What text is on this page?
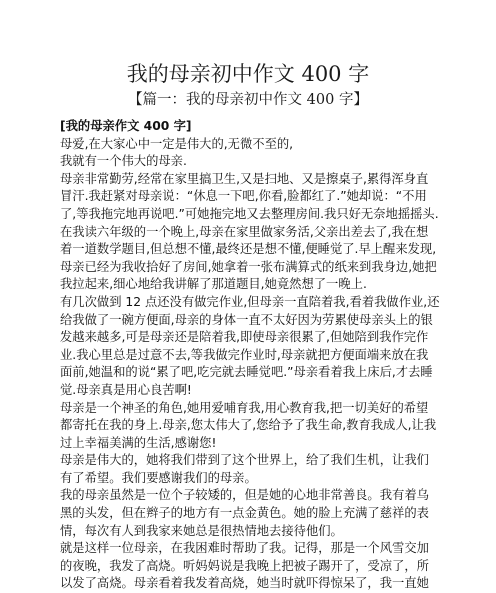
我的母亲初中作文 400 字
【篇一：我的母亲初中作文 400 字】

[我的母亲作文 400 字]

母爱,在大家心中一定是伟大的,无微不至的,

我就有一个伟大的母亲.

母亲非常勤劳,经常在家里搞卫生,又是扫地、又是擦桌子,累得浑身直冒汗.我赶紧对母亲说：“休息一下吧,你看,脸都红了.”她却说：“不用了,等我拖完地再说吧.”可她拖完地又去整理房间.我只好无奈地摇摇头.

在我读六年级的一个晚上,母亲在家里做家务活,父亲出差去了,我在想着一道数学题目,但总想不懂,最终还是想不懂,便睡觉了.早上醒来发现,母亲已经为我收拾好了房间,她拿着一张布满算式的纸来到我身边,她把我拉起来,细心地给我讲解了那道题目,她竟然想了一晚上.

有几次做到 12 点还没有做完作业,但母亲一直陪着我,看着我做作业,还给我做了一碗方便面,母亲的身体一直不太好因为劳累使母亲头上的银发越来越多,可是母亲还是陪着我,即使母亲很累了,但她陪到我作完作业.我心里总是过意不去,等我做完作业时,母亲就把方便面端来放在我面前,她温和的说“累了吧,吃完就去睡觉吧.”母亲看着我上床后,才去睡觉.母亲真是用心良苦啊!

母亲是一个神圣的角色,她用爱哺育我,用心教育我,把一切美好的希望都寄托在我的身上.母亲,您太伟大了,您给予了我生命,教育我成人,让我过上幸福美满的生活,感谢您!

母亲是伟大的，她将我们带到了这个世界上，给了我们生机，让我们有了希望。我们要感谢我们的母亲。

我的母亲虽然是一位个子较矮的，但是她的心地非常善良。我有着乌黑的头发，但在辫子的地方有一点金黄色。她的脸上充满了慈祥的表情，每次有人到我家来她总是很热情地去接待他们。

就是这样一位母亲，在我困难时帮助了我。记得，那是一个风雪交加的夜晚，我发了高烧。听妈妈说是我晚上把被子踢开了，受凉了，所以发了高烧。母亲看着我发着高烧，她当时就吓得惊呆了，我一直她
